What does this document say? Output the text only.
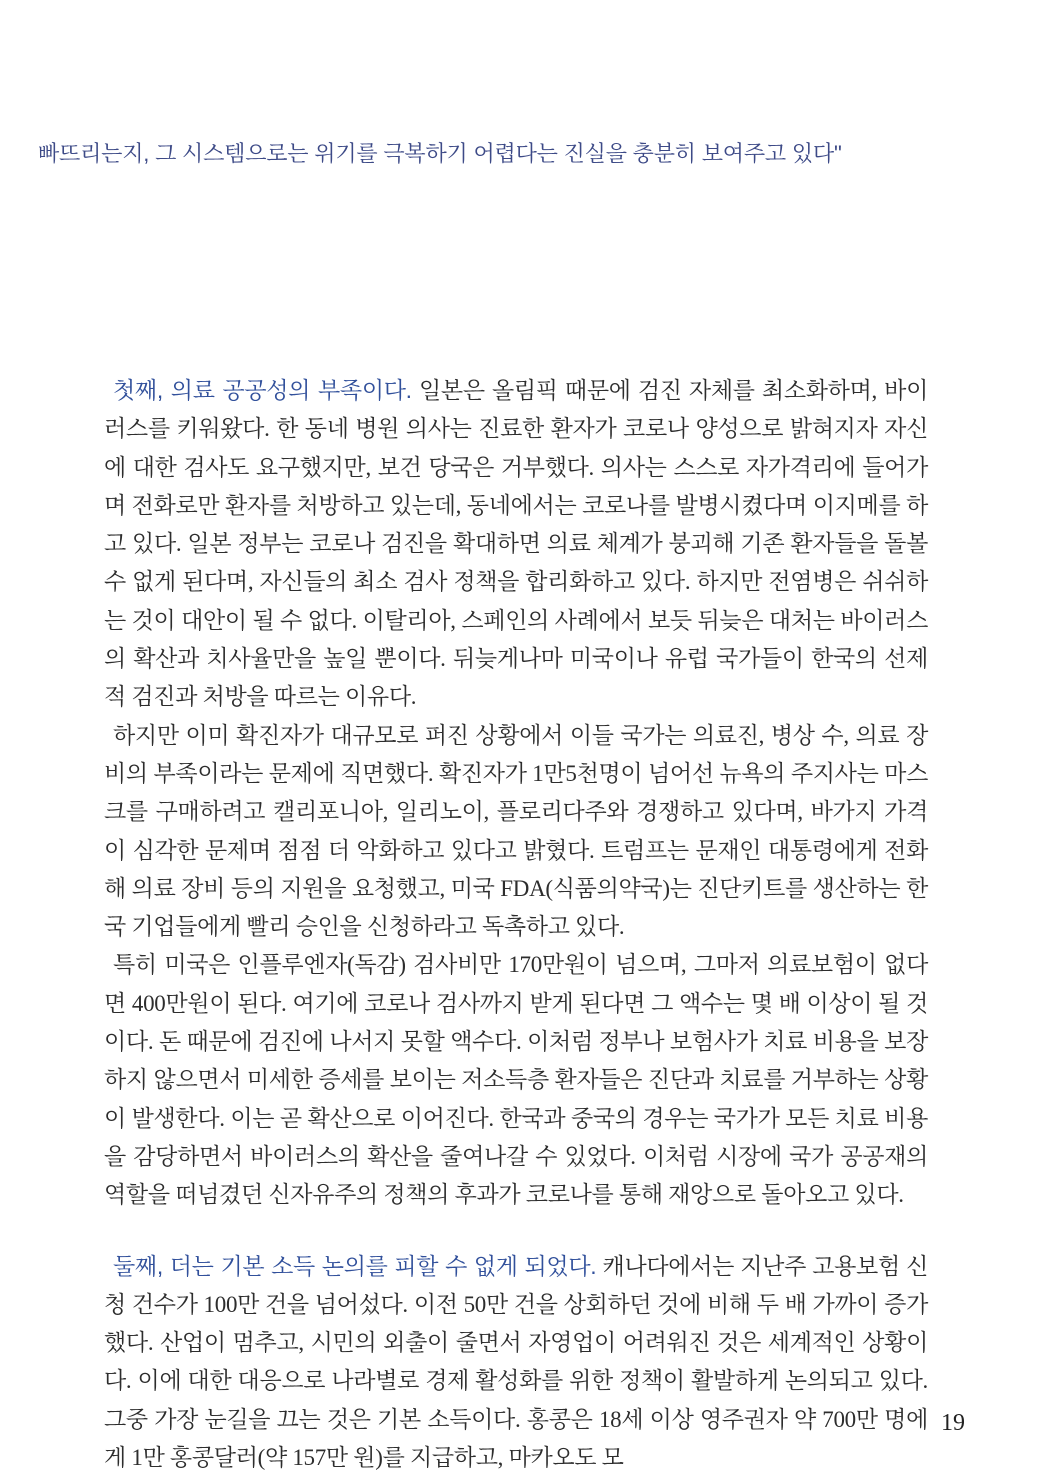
빠뜨리는지, 그 시스템으로는 위기를 극복하기 어렵다는 진실을 충분히 보여주고 있다"

첫째, 의료 공공성의 부족이다. 일본은 올림픽 때문에 검진 자체를 최소화하며, 바이러스를 키워왔다. 한 동네 병원 의사는 진료한 환자가 코로나 양성으로 밝혀지자 자신에 대한 검사도 요구했지만, 보건 당국은 거부했다. 의사는 스스로 자가격리에 들어가며 전화로만 환자를 처방하고 있는데, 동네에서는 코로나를 발병시켰다며 이지메를 하고 있다. 일본 정부는 코로나 검진을 확대하면 의료 체계가 붕괴해 기존 환자들을 돌볼 수 없게 된다며, 자신들의 최소 검사 정책을 합리화하고 있다. 하지만 전염병은 쉬쉬하는 것이 대안이 될 수 없다. 이탈리아, 스페인의 사례에서 보듯 뒤늦은 대처는 바이러스의 확산과 치사율만을 높일 뿐이다. 뒤늦게나마 미국이나 유럽 국가들이 한국의 선제적 검진과 처방을 따르는 이유다.

하지만 이미 확진자가 대규모로 퍼진 상황에서 이들 국가는 의료진, 병상 수, 의료 장비의 부족이라는 문제에 직면했다. 확진자가 1만5천명이 넘어선 뉴욕의 주지사는 마스크를 구매하려고 캘리포니아, 일리노이, 플로리다주와 경쟁하고 있다며, 바가지 가격이 심각한 문제며 점점 더 악화하고 있다고 밝혔다. 트럼프는 문재인 대통령에게 전화해 의료 장비 등의 지원을 요청했고, 미국 FDA(식품의약국)는 진단키트를 생산하는 한국 기업들에게 빨리 승인을 신청하라고 독촉하고 있다.

특히 미국은 인플루엔자(독감) 검사비만 170만원이 넘으며, 그마저 의료보험이 없다면 400만원이 된다. 여기에 코로나 검사까지 받게 된다면 그 액수는 몇 배 이상이 될 것이다. 돈 때문에 검진에 나서지 못할 액수다. 이처럼 정부나 보험사가 치료 비용을 보장하지 않으면서 미세한 증세를 보이는 저소득층 환자들은 진단과 치료를 거부하는 상황이 발생한다. 이는 곧 확산으로 이어진다. 한국과 중국의 경우는 국가가 모든 치료 비용을 감당하면서 바이러스의 확산을 줄여나갈 수 있었다. 이처럼 시장에 국가 공공재의 역할을 떠넘겼던 신자유주의 정책의 후과가 코로나를 통해 재앙으로 돌아오고 있다.

둘째, 더는 기본 소득 논의를 피할 수 없게 되었다. 캐나다에서는 지난주 고용보험 신청 건수가 100만 건을 넘어섰다. 이전 50만 건을 상회하던 것에 비해 두 배 가까이 증가했다. 산업이 멈추고, 시민의 외출이 줄면서 자영업이 어려워진 것은 세계적인 상황이다. 이에 대한 대응으로 나라별로 경제 활성화를 위한 정책이 활발하게 논의되고 있다. 그중 가장 눈길을 끄는 것은 기본 소득이다. 홍콩은 18세 이상 영주권자 약 700만 명에게 1만 홍콩달러(약 157만 원)를 지급하고, 마카오도 모

19
